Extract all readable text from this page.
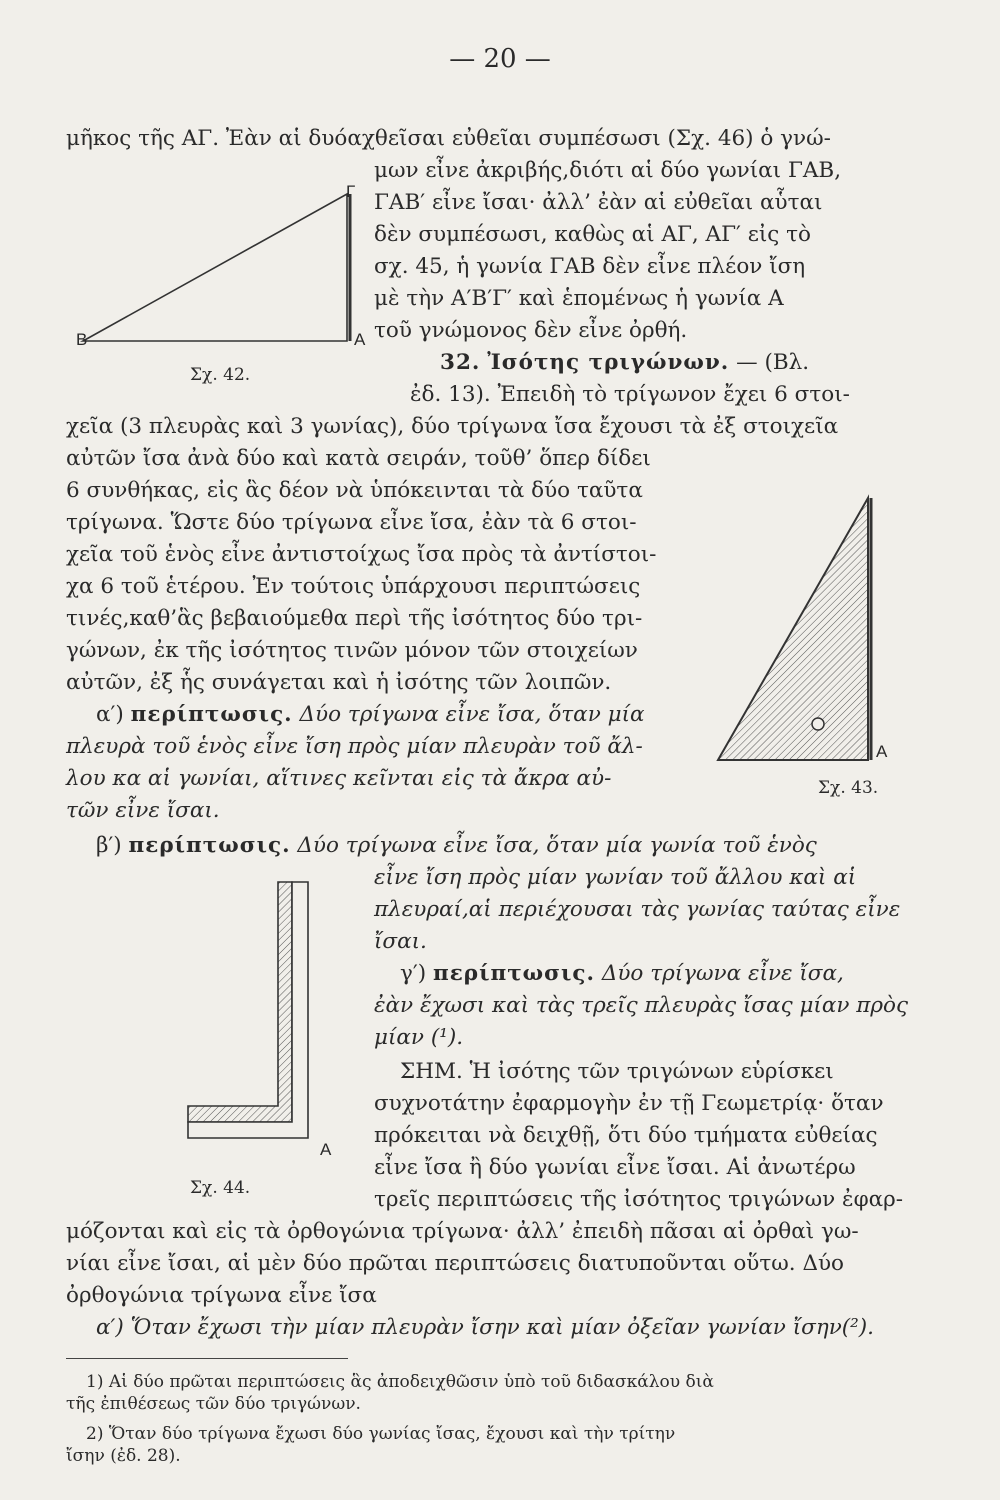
— 20 —
B	A
Γ
Σχ. 42.
A
Σχ. 43.
A
Σχ. 44.
μῆκος τῆς ΑΓ. Ἐὰν αἱ δυόαχθεῖσαι εὐθεῖαι συμπέσωσι (Σχ. 46) ὁ γνώ-
μων εἶνε ἀκριβής,διότι αἱ δύο γωνίαι ΓΑΒ,
ΓΑΒ′ εἶνε ἴσαι· ἀλλ’ ἐὰν αἱ εὐθεῖαι αὗται
δὲν συμπέσωσι, καθὼς αἱ ΑΓ, ΑΓ′ εἰς τὸ
σχ. 45, ἡ γωνία ΓΑΒ δὲν εἶνε πλέον ἴση
μὲ τὴν Α′Β′Γ′ καὶ ἑπομένως ἡ γωνία Α
τοῦ γνώμονος δὲν εἶνε ὀρθή.
32. Ἰσότης τριγώνων. — (Βλ.
ἐδ. 13). Ἐπειδὴ τὸ τρίγωνον ἔχει 6 στοι-
χεῖα (3 πλευρὰς καὶ 3 γωνίας), δύο τρίγωνα ἴσα ἔχουσι τὰ ἐξ στοιχεῖα
αὐτῶν ἴσα ἀνὰ δύο καὶ κατὰ σειράν, τοῦθ’ ὅπερ δίδει
6 συνθήκας, εἰς ἃς δέον νὰ ὑπόκεινται τὰ δύο ταῦτα
τρίγωνα. Ὥστε δύο τρίγωνα εἶνε ἴσα, ἐὰν τὰ 6 στοι-
χεῖα τοῦ ἑνὸς εἶνε ἀντιστοίχως ἴσα πρὸς τὰ ἀντίστοι-
χα 6 τοῦ ἑτέρου. Ἐν τούτοις ὑπάρχουσι περιπτώσεις
τινές,καθ’ἃς βεβαιούμεθα περὶ τῆς ἰσότητος δύο τρι-
γώνων, ἐκ τῆς ἰσότητος τινῶν μόνον τῶν στοιχείων
αὐτῶν, ἐξ ἧς συνάγεται καὶ ἡ ἰσότης τῶν λοιπῶν.
α′) περίπτωσις. Δύο τρίγωνα εἶνε ἴσα, ὅταν μία
πλευρὰ τοῦ ἑνὸς εἶνε ἴση πρὸς μίαν πλευρὰν τοῦ ἄλ-
λου κα αἱ γωνίαι, αἵτινες κεῖνται εἰς τὰ ἄκρα αὐ-
τῶν εἶνε ἴσαι.
β′) περίπτωσις. Δύο τρίγωνα εἶνε ἴσα, ὅταν μία γωνία τοῦ ἑνὸς
εἶνε ἴση πρὸς μίαν γωνίαν τοῦ ἄλλου καὶ αἱ
πλευραί,αἱ περιέχουσαι τὰς γωνίας ταύτας εἶνε
ἴσαι.
γ′) περίπτωσις. Δύο τρίγωνα εἶνε ἴσα,
ἐὰν ἔχωσι καὶ τὰς τρεῖς πλευρὰς ἴσας μίαν πρὸς
μίαν (¹).
ΣΗΜ. Ἡ ἰσότης τῶν τριγώνων εὑρίσκει
συχνοτάτην ἐφαρμογὴν ἐν τῇ Γεωμετρίᾳ· ὅταν
πρόκειται νὰ δειχθῇ, ὅτι δύο τμήματα εὐθείας
εἶνε ἴσα ἢ δύο γωνίαι εἶνε ἴσαι. Αἱ ἀνωτέρω
τρεῖς περιπτώσεις τῆς ἰσότητος τριγώνων ἐφαρ-
μόζονται καὶ εἰς τὰ ὀρθογώνια τρίγωνα· ἀλλ’ ἐπειδὴ πᾶσαι αἱ ὀρθαὶ γω-
νίαι εἶνε ἴσαι, αἱ μὲν δύο πρῶται περιπτώσεις διατυποῦνται οὕτω. Δύο
ὀρθογώνια τρίγωνα εἶνε ἴσα
α′) Ὅταν ἔχωσι τὴν μίαν πλευρὰν ἴσην καὶ μίαν ὀξεῖαν γωνίαν ἴσην(²).
1) Αἱ δύο πρῶται περιπτώσεις ἃς ἀποδειχθῶσιν ὑπὸ τοῦ διδασκάλου διὰ
τῆς ἐπιθέσεως τῶν δύο τριγώνων.
2) Ὅταν δύο τρίγωνα ἔχωσι δύο γωνίας ἴσας, ἔχουσι καὶ τὴν τρίτην
ἴσην (ἐδ. 28).
